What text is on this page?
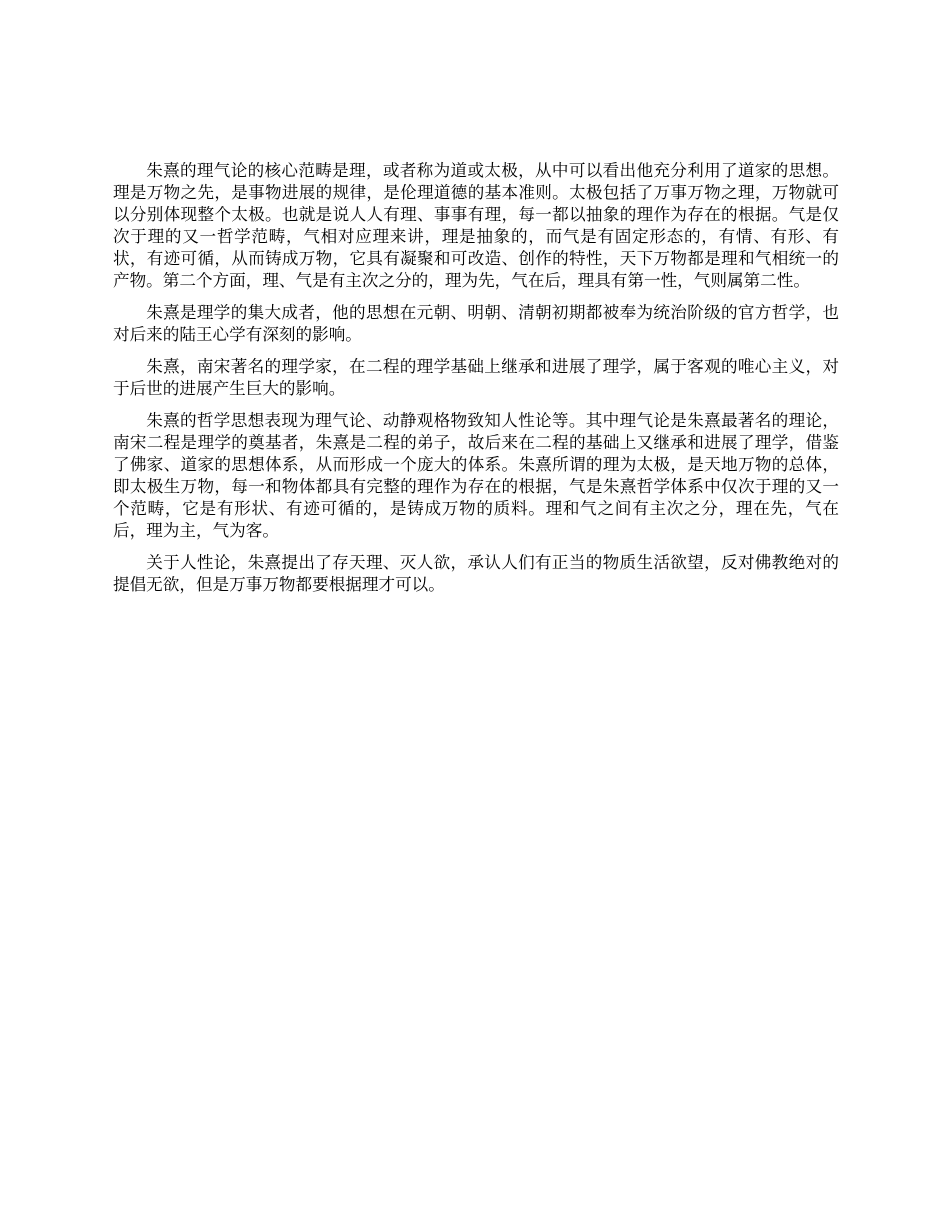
朱熹的理气论的核心范畴是理，或者称为道或太极，从中可以看出他充分利用了道家的思想。理是万物之先，是事物进展的规律，是伦理道德的基本准则。太极包括了万事万物之理，万物就可以分别体现整个太极。也就是说人人有理、事事有理，每一都以抽象的理作为存在的根据。气是仅次于理的又一哲学范畴，气相对应理来讲，理是抽象的，而气是有固定形态的，有情、有形、有状，有迹可循，从而铸成万物，它具有凝聚和可改造、创作的特性，天下万物都是理和气相统一的产物。第二个方面，理、气是有主次之分的，理为先，气在后，理具有第一性，气则属第二性。

朱熹是理学的集大成者，他的思想在元朝、明朝、清朝初期都被奉为统治阶级的官方哲学，也对后来的陆王心学有深刻的影响。

朱熹，南宋著名的理学家，在二程的理学基础上继承和进展了理学，属于客观的唯心主义，对于后世的进展产生巨大的影响。

朱熹的哲学思想表现为理气论、动静观格物致知人性论等。其中理气论是朱熹最著名的理论，南宋二程是理学的奠基者，朱熹是二程的弟子，故后来在二程的基础上又继承和进展了理学，借鉴了佛家、道家的思想体系，从而形成一个庞大的体系。朱熹所谓的理为太极，是天地万物的总体，即太极生万物，每一和物体都具有完整的理作为存在的根据，气是朱熹哲学体系中仅次于理的又一个范畴，它是有形状、有迹可循的，是铸成万物的质料。理和气之间有主次之分，理在先，气在后，理为主，气为客。

关于人性论，朱熹提出了存天理、灭人欲，承认人们有正当的物质生活欲望，反对佛教绝对的提倡无欲，但是万事万物都要根据理才可以。
